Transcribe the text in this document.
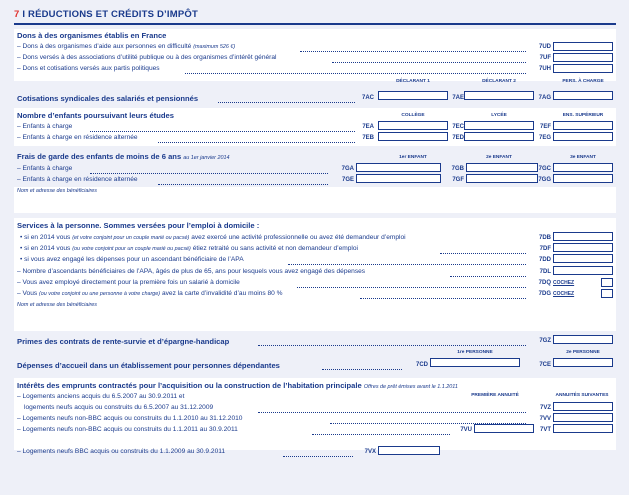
7 I RÉDUCTIONS ET CRÉDITS D’IMPÔT
Dons à des organismes établis en France
– Dons à des organismes d’aide aux personnes en difficulté (maximum 526 €)	7UD
– Dons versés à des associations d’utilité publique ou à des organismes d’intérêt général	7UF
– Dons et cotisations versés aux partis politiques	7UH
DÉCLARANT 1	DÉCLARANT 2	PERS. À CHARGE
Cotisations syndicales des salariés et pensionnés	7AC	7AE	7AG
Nombre d’enfants poursuivant leurs études	COLLÈGE	LYCÉE	ENS. SUPÉRIEUR
– Enfants à charge	7EA	7EC	7EF
– Enfants à charge en résidence alternée	7EB	7ED	7EG
Frais de garde des enfants de moins de 6 ans au 1er janvier 2014	1er ENFANT	2e ENFANT	3e ENFANT
– Enfants à charge	7GA	7GB	7GC
– Enfants à charge en résidence alternée	7GE	7GF	7GG
Nom et adresse des bénéficiaires
Services à la personne. Sommes versées pour l’emploi à domicile :
• si en 2014 vous (et votre conjoint pour un couple marié ou pacsé) avez exercé une activité professionnelle ou avez été demandeur d’emploi	7DB
• si en 2014 vous (ou votre conjoint pour un couple marié ou pacsé) étiez retraité ou sans activité et non demandeur d’emploi	7DF
• si vous avez engagé les dépenses pour un ascendant bénéficiaire de l’APA	7DD
– Nombre d’ascendants bénéficiaires de l’APA, âgés de plus de 65, ans pour lesquels vous avez engagé des dépenses	7DL
– Vous avez employé directement pour la première fois un salarié à domicile	7DQ COCHEZ
– Vous (ou votre conjoint ou une personne à votre charge) avez la carte d’invalidité d’au moins 80 %	7DG COCHEZ
Nom et adresse des bénéficiaires
Primes des contrats de rente-survie et d’épargne-handicap	7GZ
1re PERSONNE	2e PERSONNE
Dépenses d’accueil dans un établissement pour personnes dépendantes	7CD	7CE
Intérêts des emprunts contractés pour l’acquisition ou la construction de l’habitation principale Offres de prêt émises avant le 1.1.2011
PREMIÈRE ANNUITÉ	ANNUITÉS SUIVANTES
– Logements anciens acquis du 6.5.2007 au 30.9.2011 et
logements neufs acquis ou construits du 6.5.2007 au 31.12.2009	7VZ
– Logements neufs non-BBC acquis ou construits du 1.1.2010 au 31.12.2010	7VV
– Logements neufs non-BBC acquis ou construits du 1.1.2011 au 30.9.2011	7VU	7VT
– Logements neufs BBC acquis ou construits du 1.1.2009 au 30.9.2011	7VX
